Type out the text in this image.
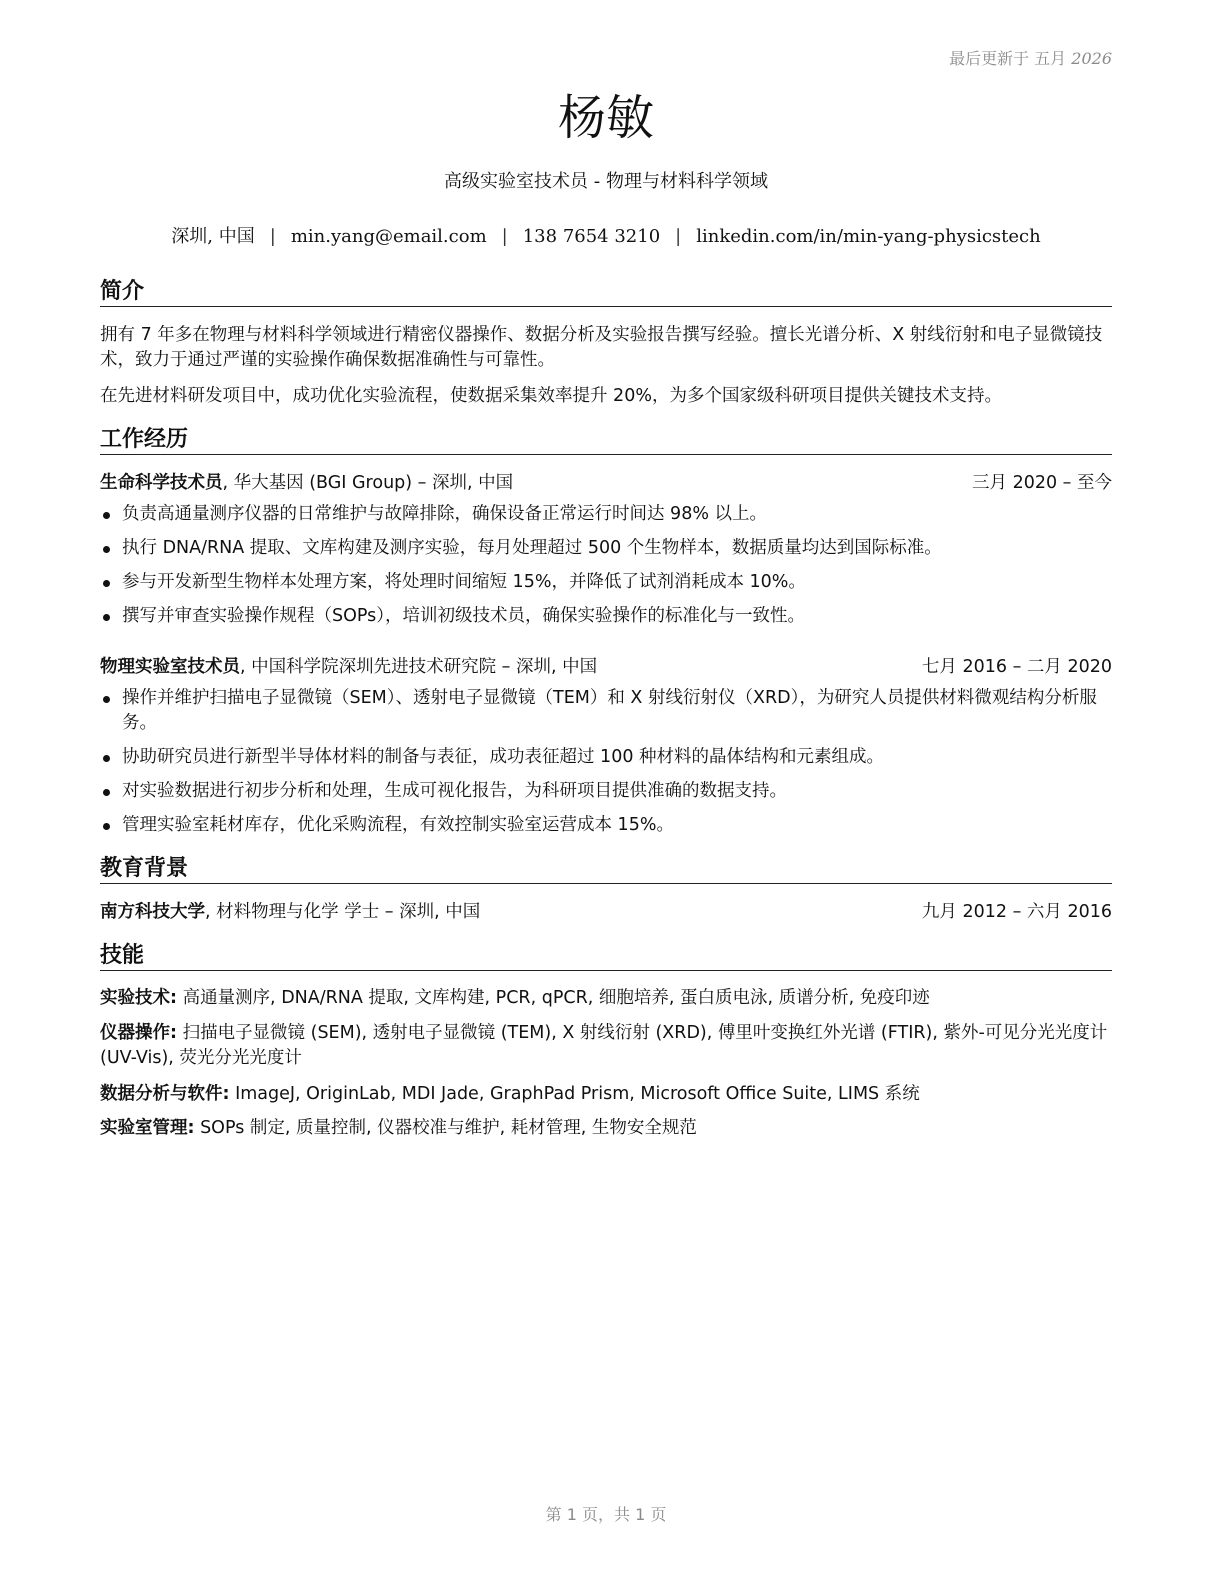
最后更新于 五月 2026
杨敏
高级实验室技术员 - 物理与材料科学领域
深圳, 中国 | min.yang@email.com | 138 7654 3210 | linkedin.com/in/min-yang-physicstech
简介

拥有 7 年多在物理与材料科学领域进行精密仪器操作、数据分析及实验报告撰写经验。擅长光谱分析、X 射线衍射和电子显微镜技术，致力于通过严谨的实验操作确保数据准确性与可靠性。

在先进材料研发项目中，成功优化实验流程，使数据采集效率提升 20%，为多个国家级科研项目提供关键技术支持。

工作经历
生命科学技术员, 华大基因 (BGI Group) – 深圳, 中国	三月 2020 – 至今
负责高通量测序仪器的日常维护与故障排除，确保设备正常运行时间达 98% 以上。
执行 DNA/RNA 提取、文库构建及测序实验，每月处理超过 500 个生物样本，数据质量均达到国际标准。
参与开发新型生物样本处理方案，将处理时间缩短 15%，并降低了试剂消耗成本 10%。
撰写并审查实验操作规程（SOPs），培训初级技术员，确保实验操作的标准化与一致性。
物理实验室技术员, 中国科学院深圳先进技术研究院 – 深圳, 中国	七月 2016 – 二月 2020
操作并维护扫描电子显微镜（SEM）、透射电子显微镜（TEM）和 X 射线衍射仪（XRD），为研究人员提供材料微观结构分析服务。
协助研究员进行新型半导体材料的制备与表征，成功表征超过 100 种材料的晶体结构和元素组成。
对实验数据进行初步分析和处理，生成可视化报告，为科研项目提供准确的数据支持。
管理实验室耗材库存，优化采购流程，有效控制实验室运营成本 15%。
教育背景
南方科技大学, 材料物理与化学 学士 – 深圳, 中国	九月 2012 – 六月 2016
技能

实验技术: 高通量测序, DNA/RNA 提取, 文库构建, PCR, qPCR, 细胞培养, 蛋白质电泳, 质谱分析, 免疫印迹

仪器操作: 扫描电子显微镜 (SEM), 透射电子显微镜 (TEM), X 射线衍射 (XRD), 傅里叶变换红外光谱 (FTIR), 紫外-可见分光光度计 (UV-Vis), 荧光分光光度计

数据分析与软件: ImageJ, OriginLab, MDI Jade, GraphPad Prism, Microsoft Office Suite, LIMS 系统

实验室管理: SOPs 制定, 质量控制, 仪器校准与维护, 耗材管理, 生物安全规范

第 1 页，共 1 页
